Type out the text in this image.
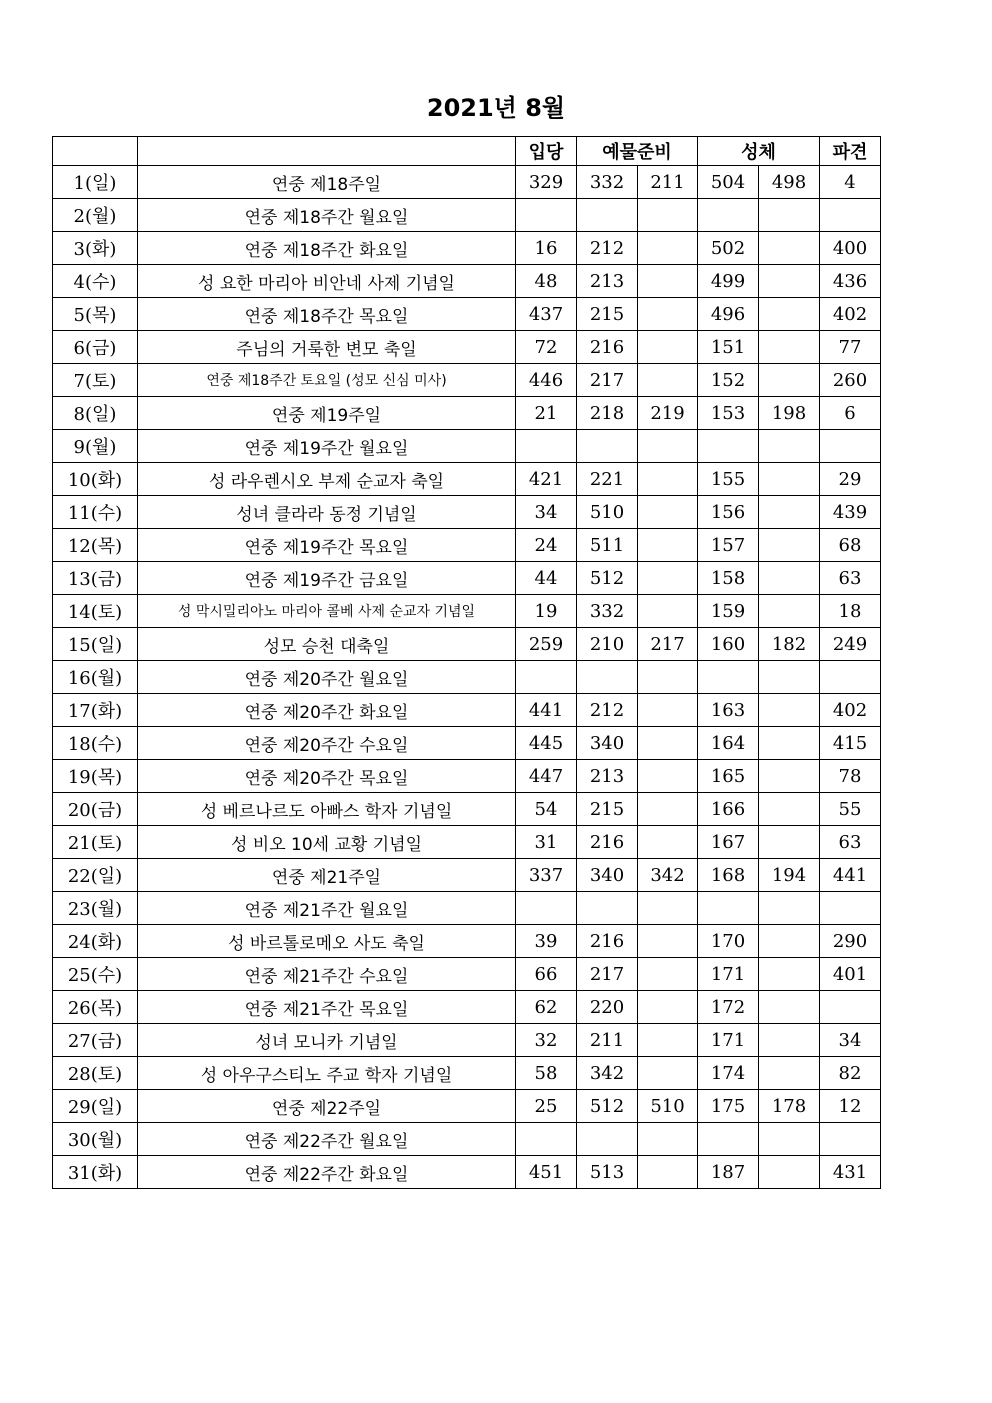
2021년 8월
		입당	예물준비		성체		파견
1(일)	연중 제18주일	329	332	211	504	498	4
2(월)	연중 제18주간 월요일						
3(화)	연중 제18주간 화요일	16	212		502		400
4(수)	성 요한 마리아 비안네 사제 기념일	48	213		499		436
5(목)	연중 제18주간 목요일	437	215		496		402
6(금)	주님의 거룩한 변모 축일	72	216		151		77
7(토)	연중 제18주간 토요일 (성모 신심 미사)	446	217		152		260
8(일)	연중 제19주일	21	218	219	153	198	6
9(월)	연중 제19주간 월요일						
10(화)	성 라우렌시오 부제 순교자 축일	421	221		155		29
11(수)	성녀 클라라 동정 기념일	34	510		156		439
12(목)	연중 제19주간 목요일	24	511		157		68
13(금)	연중 제19주간 금요일	44	512		158		63
14(토)	성 막시밀리아노 마리아 콜베 사제 순교자 기념일	19	332		159		18
15(일)	성모 승천 대축일	259	210	217	160	182	249
16(월)	연중 제20주간 월요일						
17(화)	연중 제20주간 화요일	441	212		163		402
18(수)	연중 제20주간 수요일	445	340		164		415
19(목)	연중 제20주간 목요일	447	213		165		78
20(금)	성 베르나르도 아빠스 학자 기념일	54	215		166		55
21(토)	성 비오 10세 교황 기념일	31	216		167		63
22(일)	연중 제21주일	337	340	342	168	194	441
23(월)	연중 제21주간 월요일						
24(화)	성 바르톨로메오 사도 축일	39	216		170		290
25(수)	연중 제21주간 수요일	66	217		171		401
26(목)	연중 제21주간 목요일	62	220		172		
27(금)	성녀 모니카 기념일	32	211		171		34
28(토)	성 아우구스티노 주교 학자 기념일	58	342		174		82
29(일)	연중 제22주일	25	512	510	175	178	12
30(월)	연중 제22주간 월요일						
31(화)	연중 제22주간 화요일	451	513		187		431
